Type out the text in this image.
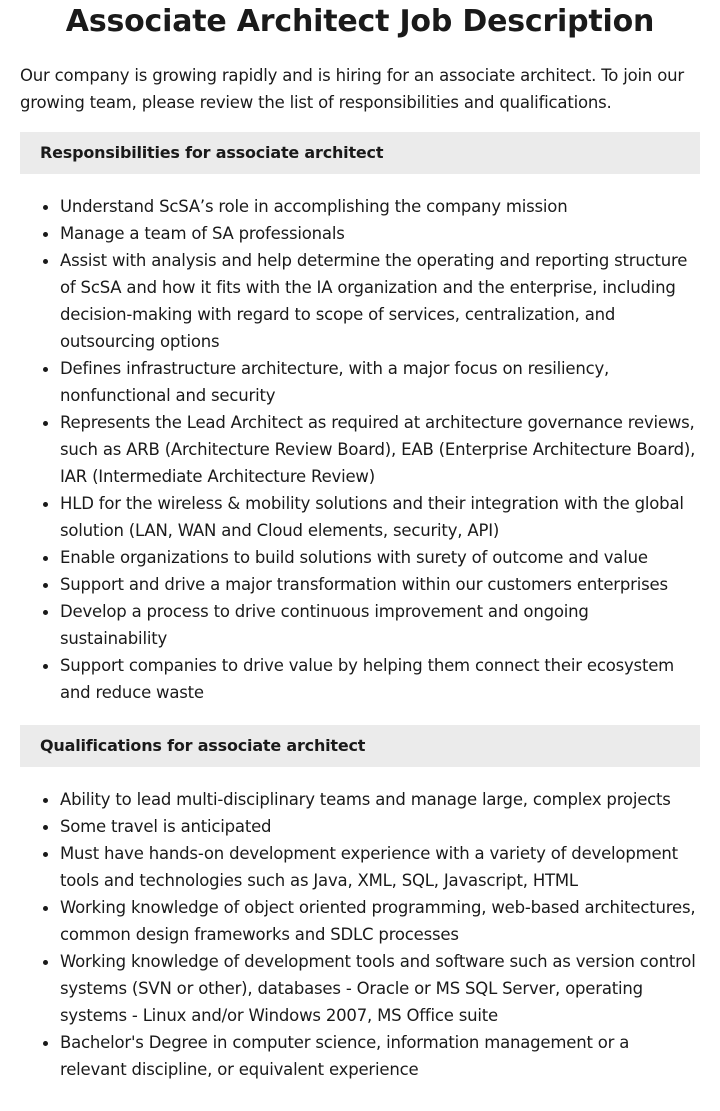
Associate Architect Job Description

Our company is growing rapidly and is hiring for an associate architect. To join our growing team, please review the list of responsibilities and qualifications.

Responsibilities for associate architect
Understand ScSA’s role in accomplishing the company mission
Manage a team of SA professionals
Assist with analysis and help determine the operating and reporting structure of ScSA and how it fits with the IA organization and the enterprise, including decision-making with regard to scope of services, centralization, and outsourcing options
Defines infrastructure architecture, with a major focus on resiliency, nonfunctional and security
Represents the Lead Architect as required at architecture governance reviews, such as ARB (Architecture Review Board), EAB (Enterprise Architecture Board), IAR (Intermediate Architecture Review)
HLD for the wireless & mobility solutions and their integration with the global solution (LAN, WAN and Cloud elements, security, API)
Enable organizations to build solutions with surety of outcome and value
Support and drive a major transformation within our customers enterprises
Develop a process to drive continuous improvement and ongoing sustainability
Support companies to drive value by helping them connect their ecosystem and reduce waste
Qualifications for associate architect
Ability to lead multi-disciplinary teams and manage large, complex projects
Some travel is anticipated
Must have hands-on development experience with a variety of development tools and technologies such as Java, XML, SQL, Javascript, HTML
Working knowledge of object oriented programming, web-based architectures, common design frameworks and SDLC processes
Working knowledge of development tools and software such as version control systems (SVN or other), databases - Oracle or MS SQL Server, operating systems - Linux and/or Windows 2007, MS Office suite
Bachelor's Degree in computer science, information management or a relevant discipline, or equivalent experience
